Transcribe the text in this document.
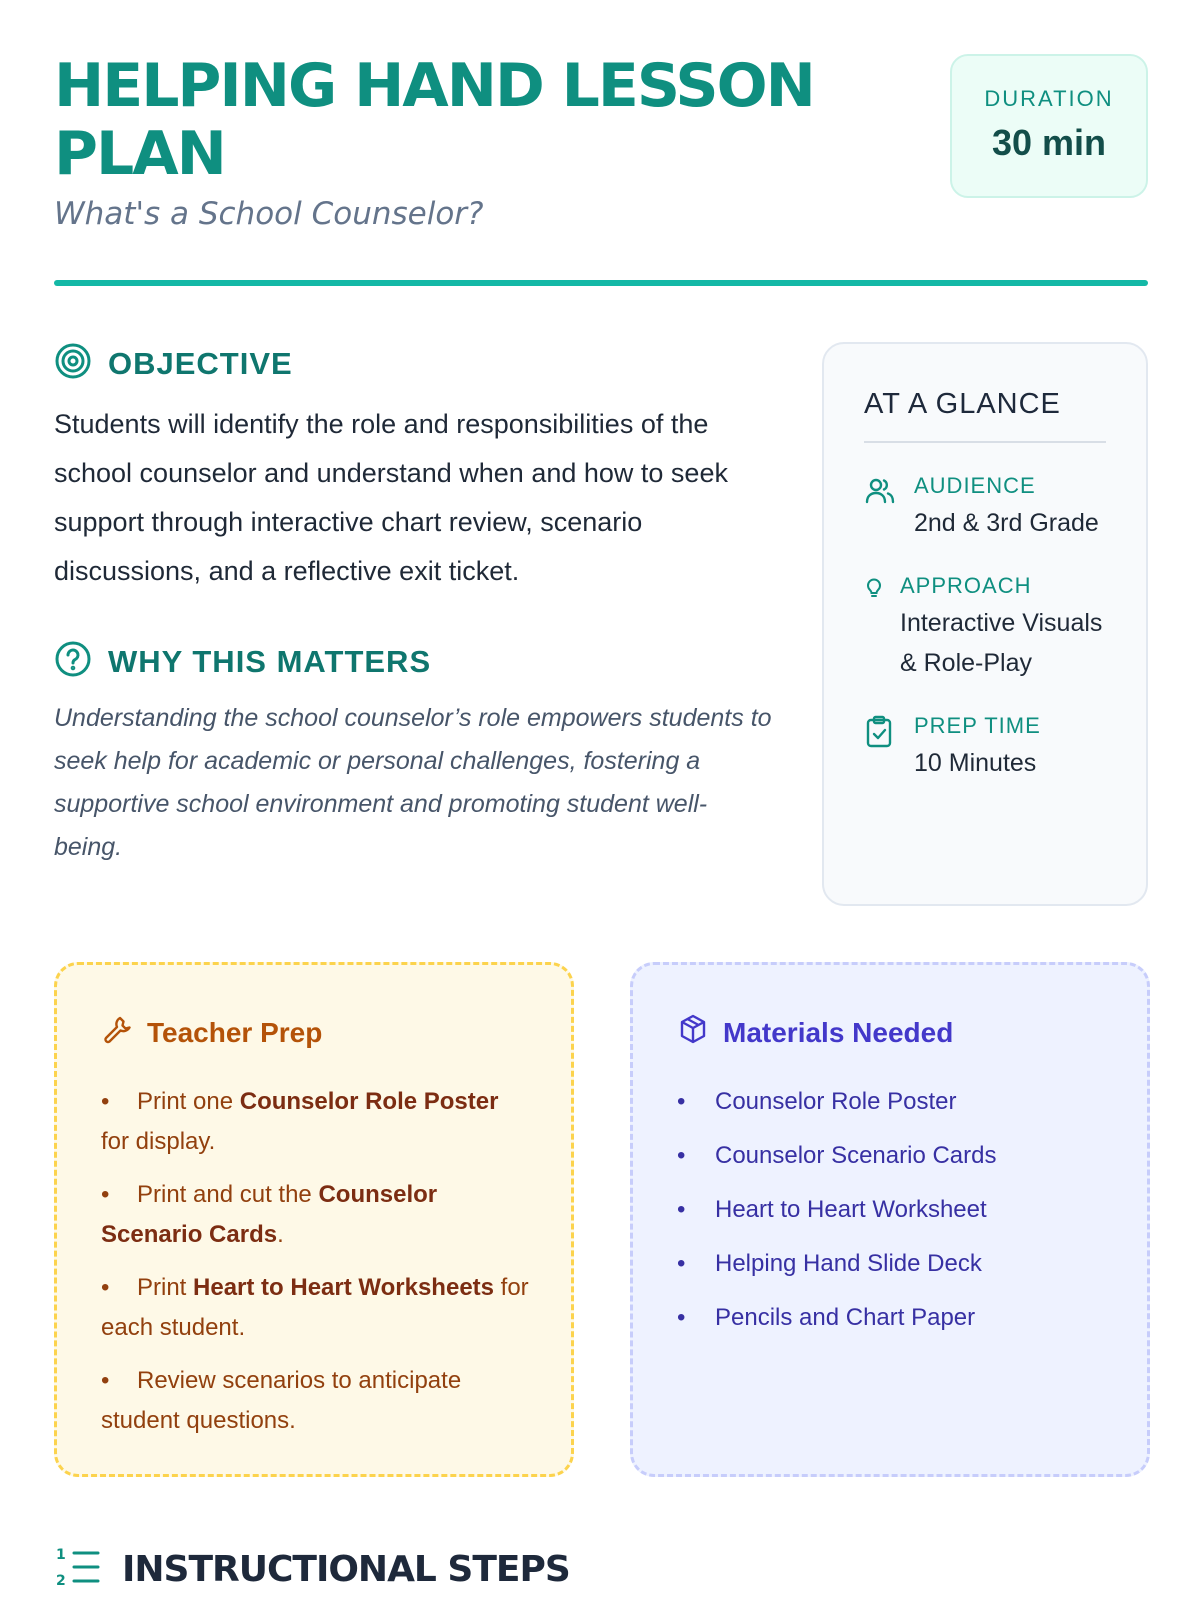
HELPING HAND LESSON PLAN
What's a School Counselor?
DURATION
30 min
OBJECTIVE

Students will identify the role and responsibilities of the school counselor and understand when and how to seek support through interactive chart review, scenario discussions, and a reflective exit ticket.

WHY THIS MATTERS

Understanding the school counselor’s role empowers students to seek help for academic or personal challenges, fostering a supportive school environment and promoting student well-being.

AT A GLANCE
AUDIENCE
2nd & 3rd Grade
APPROACH
Interactive Visuals & Role-Play
PREP TIME
10 Minutes
Teacher Prep
• Print one Counselor Role Poster for display.
• Print and cut the Counselor Scenario Cards.
• Print Heart to Heart Worksheets for each student.
• Review scenarios to anticipate student questions.
Materials Needed
•	Counselor Role Poster
•	Counselor Scenario Cards
•	Heart to Heart Worksheet
•	Helping Hand Slide Deck
•	Pencils and Chart Paper
1
2 INSTRUCTIONAL STEPS
